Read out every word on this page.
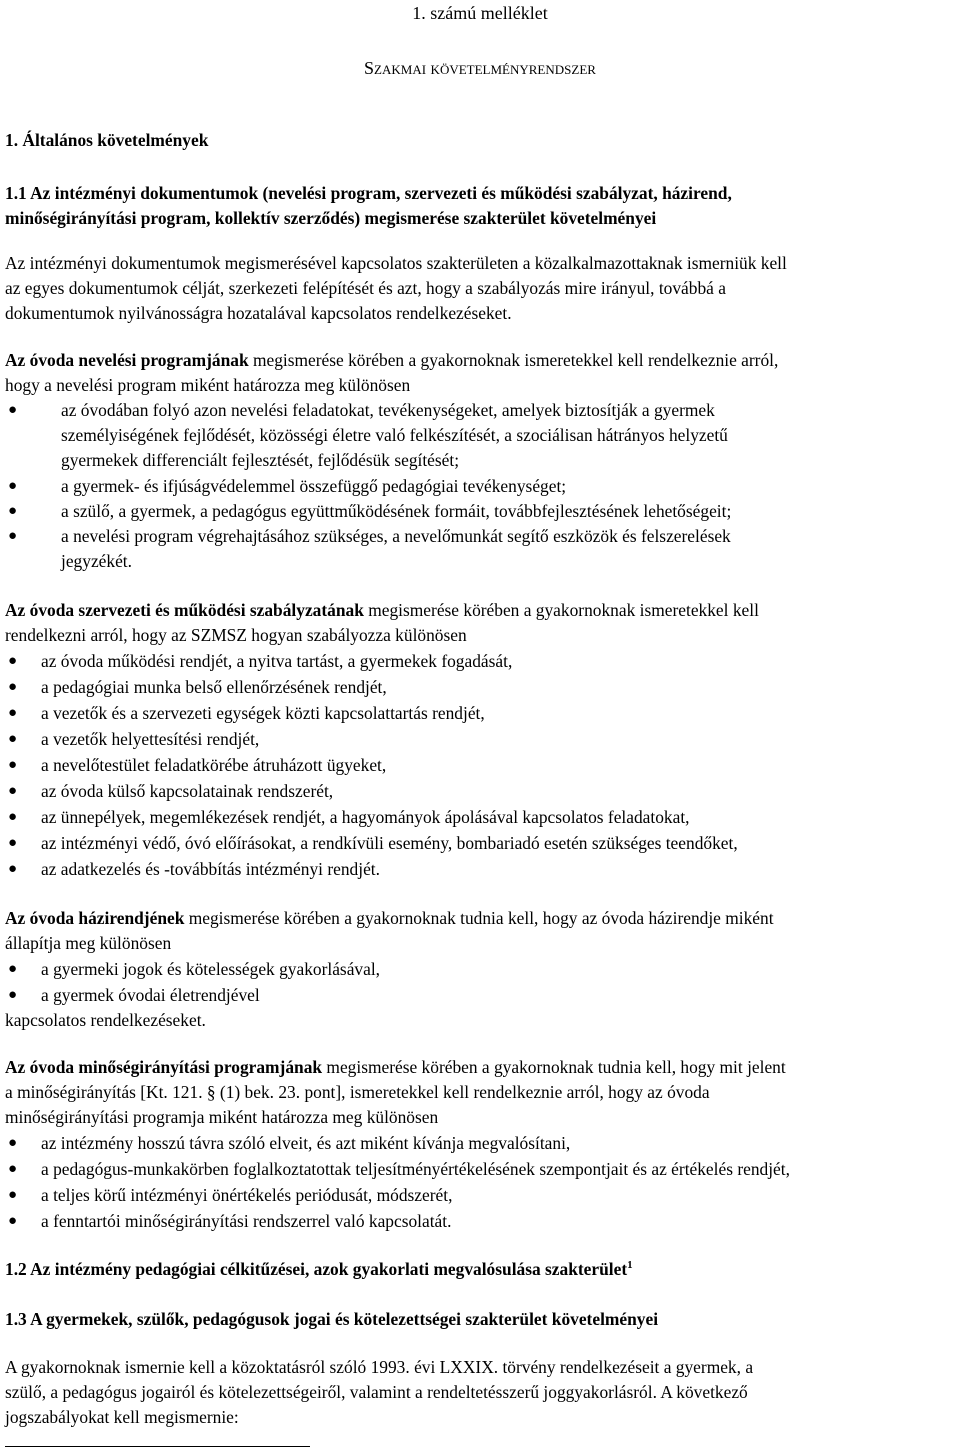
1. számú melléklet
Szakmai követelményrendszer
1. Általános követelmények
1.1 Az intézményi dokumentumok (nevelési program, szervezeti és működési szabályzat, házirend,
minőségirányítási program, kollektív szerződés) megismerése szakterület követelményei
Az intézményi dokumentumok megismerésével kapcsolatos szakterületen a közalkalmazottaknak ismerniük kell
az egyes dokumentumok célját, szerkezeti felépítését és azt, hogy a szabályozás mire irányul, továbbá a
dokumentumok nyilvánosságra hozatalával kapcsolatos rendelkezéseket.
Az óvoda nevelési programjának megismerése körében a gyakornoknak ismeretekkel kell rendelkeznie arról,
hogy a nevelési program miként határozza meg különösen
●	az óvodában folyó azon nevelési feladatokat, tevékenységeket, amelyek biztosítják a gyermek
személyiségének fejlődését, közösségi életre való felkészítését, a szociálisan hátrányos helyzetű
gyermekek differenciált fejlesztését, fejlődésük segítését;
●	a gyermek- és ifjúságvédelemmel összefüggő pedagógiai tevékenységet;
●	a szülő, a gyermek, a pedagógus együttműködésének formáit, továbbfejlesztésének lehetőségeit;
●	a nevelési program végrehajtásához szükséges, a nevelőmunkát segítő eszközök és felszerelések
jegyzékét.
Az óvoda szervezeti és működési szabályzatának megismerése körében a gyakornoknak ismeretekkel kell
rendelkezni arról, hogy az SZMSZ hogyan szabályozza különösen
● az óvoda működési rendjét, a nyitva tartást, a gyermekek fogadását,
● a pedagógiai munka belső ellenőrzésének rendjét,
● a vezetők és a szervezeti egységek közti kapcsolattartás rendjét,
● a vezetők helyettesítési rendjét,
● a nevelőtestület feladatkörébe átruházott ügyeket,
● az óvoda külső kapcsolatainak rendszerét,
● az ünnepélyek, megemlékezések rendjét, a hagyományok ápolásával kapcsolatos feladatokat,
● az intézményi védő, óvó előírásokat, a rendkívüli esemény, bombariadó esetén szükséges teendőket,
● az adatkezelés és -továbbítás intézményi rendjét.
Az óvoda házirendjének megismerése körében a gyakornoknak tudnia kell, hogy az óvoda házirendje miként
állapítja meg különösen
● a gyermeki jogok és kötelességek gyakorlásával,
● a gyermek óvodai életrendjével
kapcsolatos rendelkezéseket.
Az óvoda minőségirányítási programjának megismerése körében a gyakornoknak tudnia kell, hogy mit jelent
a minőségirányítás [Kt. 121. § (1) bek. 23. pont], ismeretekkel kell rendelkeznie arról, hogy az óvoda
minőségirányítási programja miként határozza meg különösen
● az intézmény hosszú távra szóló elveit, és azt miként kívánja megvalósítani,
● a pedagógus-munkakörben foglalkoztatottak teljesítményértékelésének szempontjait és az értékelés rendjét,
● a teljes körű intézményi önértékelés periódusát, módszerét,
● a fenntartói minőségirányítási rendszerrel való kapcsolatát.
1.2 Az intézmény pedagógiai célkitűzései, azok gyakorlati megvalósulása szakterület$^1$
1.3 A gyermekek, szülők, pedagógusok jogai és kötelezettségei szakterület követelményei
A gyakornoknak ismernie kell a közoktatásról szóló 1993. évi LXXIX. törvény rendelkezéseit a gyermek, a
szülő, a pedagógus jogairól és kötelezettségeiről, valamint a rendeltetésszerű joggyakorlásról. A következő
jogszabályokat kell megismernie:
